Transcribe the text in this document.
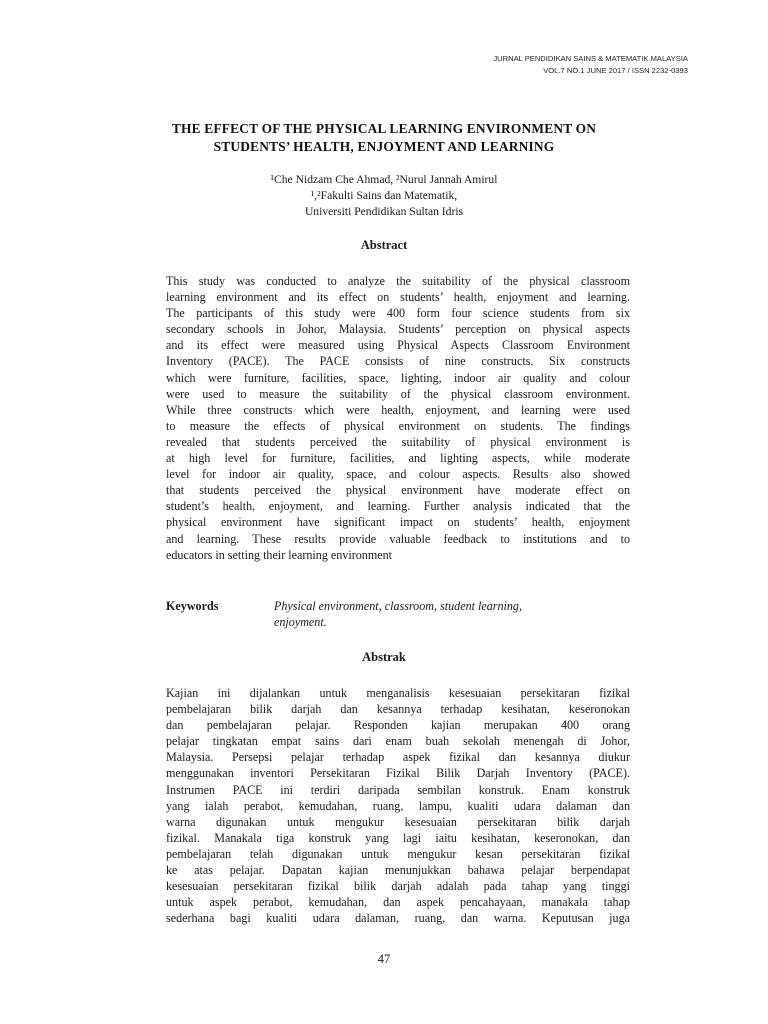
JURNAL PENDIDIKAN SAINS & MATEMATIK MALAYSIA
VOL.7 NO.1 JUNE 2017 / ISSN 2232-0393
THE EFFECT OF THE PHYSICAL LEARNING ENVIRONMENT ON
STUDENTS’ HEALTH, ENJOYMENT AND LEARNING
¹Che Nidzam Che Ahmad, ²Nurul Jannah Amirul
¹,²Fakulti Sains dan Matematik,
Universiti Pendidikan Sultan Idris
Abstract
This study was conducted to analyze the suitability of the physical classroom
learning environment and its effect on students’ health, enjoyment and learning.
The participants of this study were 400 form four science students from six
secondary schools in Johor, Malaysia. Students’ perception on physical aspects
and its effect were measured using Physical Aspects Classroom Environment
Inventory (PACE). The PACE consists of nine constructs. Six constructs
which were furniture, facilities, space, lighting, indoor air quality and colour
were used to measure the suitability of the physical classroom environment.
While three constructs which were health, enjoyment, and learning were used
to measure the effects of physical environment on students. The findings
revealed that students perceived the suitability of physical environment is
at high level for furniture, facilities, and lighting aspects, while moderate
level for indoor air quality, space, and colour aspects. Results also showed
that students perceived the physical environment have moderate effect on
student’s health, enjoyment, and learning. Further analysis indicated that the
physical environment have significant impact on students’ health, enjoyment
and learning. These results provide valuable feedback to institutions and to
educators in setting their learning environment
Keywords	Physical environment, classroom, student learning,
enjoyment.
Abstrak
Kajian ini dijalankan untuk menganalisis kesesuaian persekitaran fizikal
pembelajaran bilik darjah dan kesannya terhadap kesihatan, keseronokan
dan pembelajaran pelajar. Responden kajian merupakan 400 orang
pelajar tingkatan empat sains dari enam buah sekolah menengah di Johor,
Malaysia. Persepsi pelajar terhadap aspek fizikal dan kesannya diukur
menggunakan inventori Persekitaran Fizikal Bilik Darjah Inventory (PACE).
Instrumen PACE ini terdiri daripada sembilan konstruk. Enam konstruk
yang ialah perabot, kemudahan, ruang, lampu, kualiti udara dalaman dan
warna digunakan untuk mengukur kesesuaian persekitaran bilik darjah
fizikal. Manakala tiga konstruk yang lagi iaitu kesihatan, keseronokan, dan
pembelajaran telah digunakan untuk mengukur kesan persekitaran fizikal
ke atas pelajar. Dapatan kajian menunjukkan bahawa pelajar berpendapat
kesesuaian persekitaran fizikal bilik darjah adalah pada tahap yang tinggi
untuk aspek perabot, kemudahan, dan aspek pencahayaan, manakala tahap
sederhana bagi kualiti udara dalaman, ruang, dan warna. Keputusan juga
47
